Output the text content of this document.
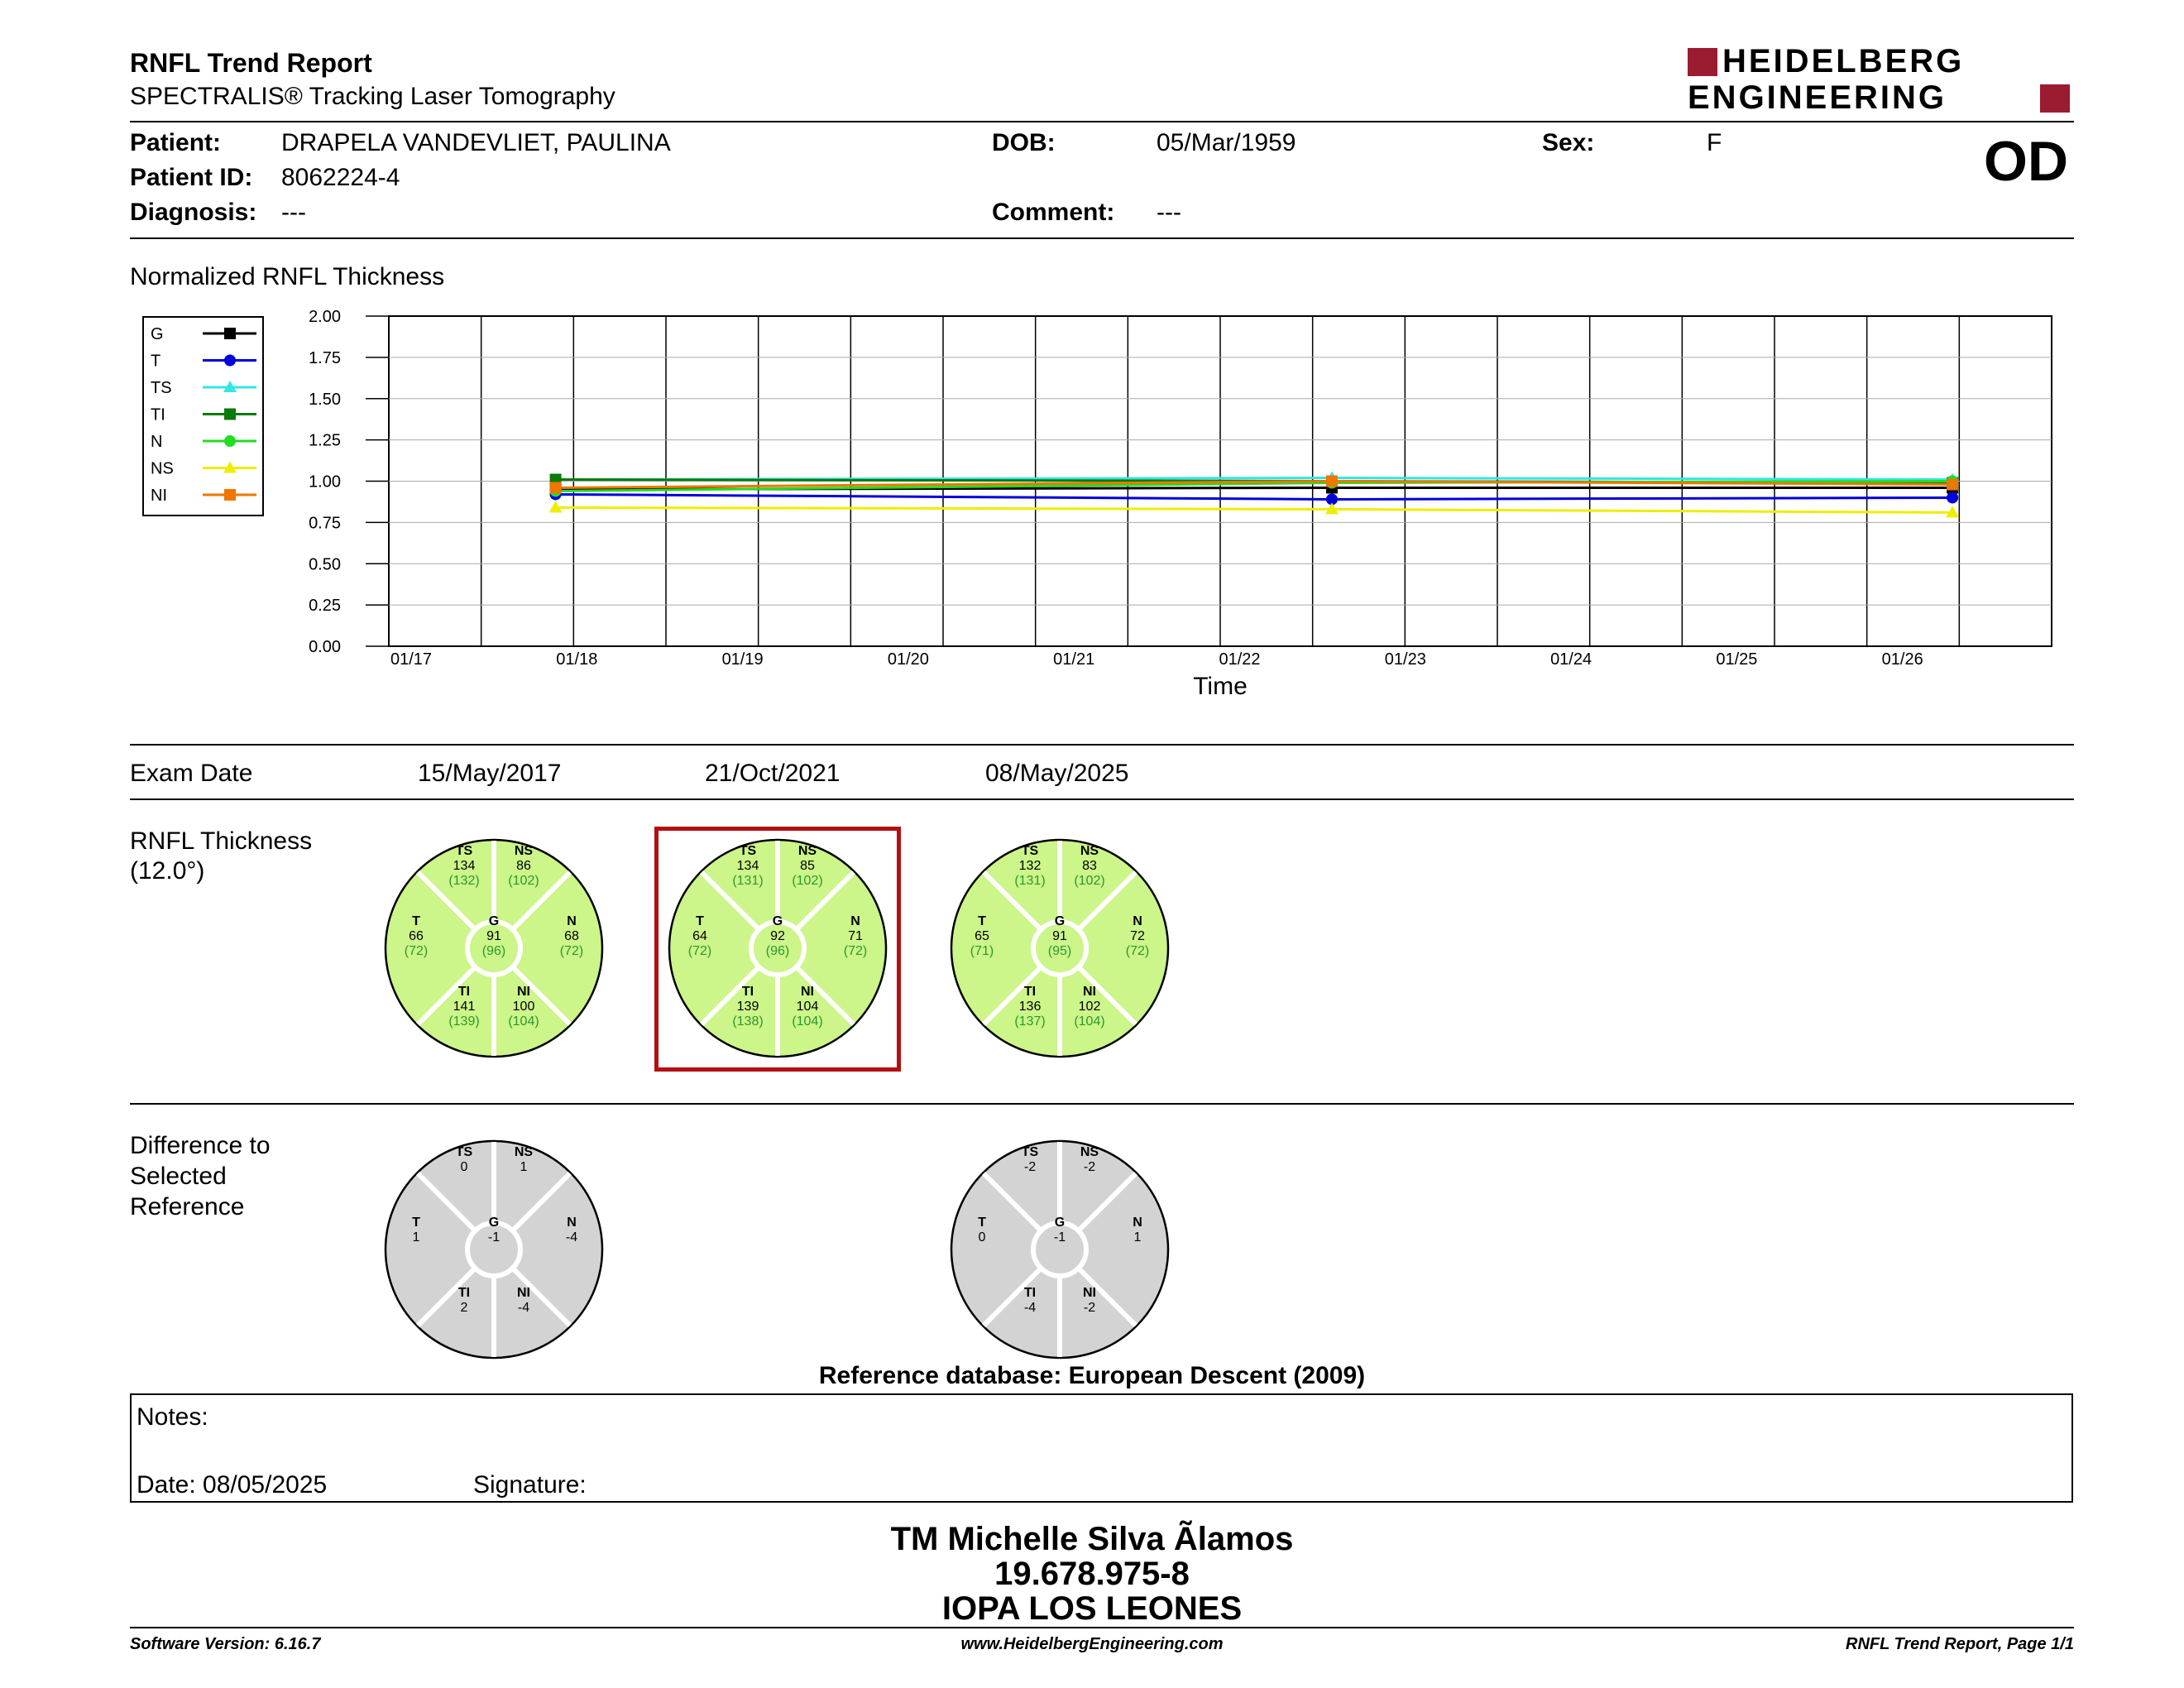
RNFL Trend Report
SPECTRALIS® Tracking Laser Tomography
HEIDELBERG
ENGINEERING
Patient: DRAPELA VANDEVLIET, PAULINA
Patient ID: 8062224-4
Diagnosis: ---
DOB:	05/Mar/1959
Comment: ---
Sex:	F	OD
Normalized RNFL Thickness
0.00
0.25
0.50
0.75
1.00
1.25
1.50
1.75
2.00
01/17	01/18	01/19	01/20	01/21	01/22	01/23	01/24	01/25	01/26
Time
G
T
TS
TI
N
NS
NI
Exam Date	15/May/2017	21/Oct/2021	08/May/2025
RNFL Thickness
(12.0°)
TS
134
(132)
NS
86
(102)
T
66
(72)
G
91
(96)
N
68
(72)
TI
141
(139)
NI
100
(104)
TS
134
(131)
NS
85
(102)
T
64
(72)
G
92
(96)
N
71
(72)
TI
139
(138)
NI
104
(104)
TS
132
(131)
NS
83
(102)
T
65
(71)
G
91
(95)
N
72
(72)
TI
136
(137)
NI
102
(104)
Difference to
Selected
Reference
TS
0
NS
1
T
1
G
-1
N
-4
TI
2
NI
-4
TS
-2
NS
-2
T
0
G
-1
N
1
TI
-4
NI
-2
Reference database: European Descent (2009)
Notes:
Date: 08/05/2025	Signature:
TM Michelle Silva Ãlamos
19.678.975-8
IOPA LOS LEONES
Software Version: 6.16.7	www.HeidelbergEngineering.com	RNFL Trend Report, Page 1/1
